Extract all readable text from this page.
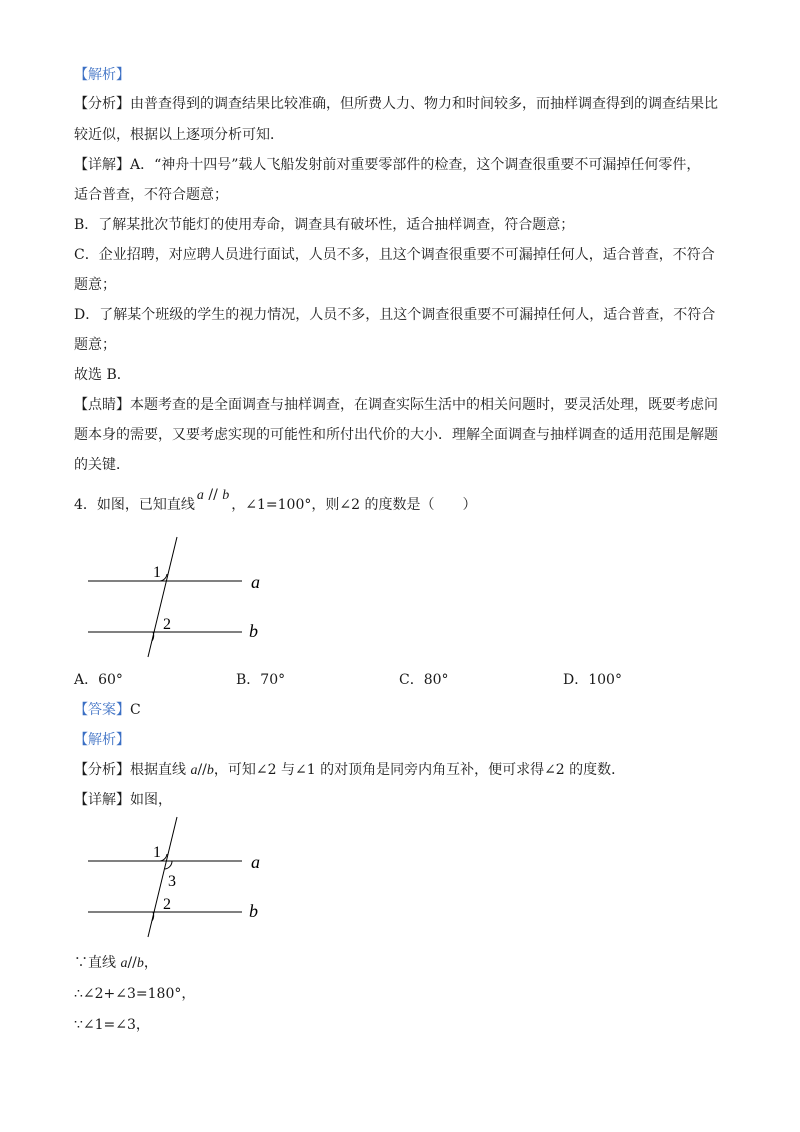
【解析】
【分析】由普查得到的调查结果比较准确，但所费人力、物力和时间较多，而抽样调查得到的调查结果比
较近似，根据以上逐项分析可知．
【详解】A．“神舟十四号”载人飞船发射前对重要零部件的检查，这个调查很重要不可漏掉任何零件，
适合普查，不符合题意；
B．了解某批次节能灯的使用寿命，调查具有破坏性，适合抽样调查，符合题意；
C．企业招聘，对应聘人员进行面试，人员不多，且这个调查很重要不可漏掉任何人，适合普查，不符合
题意；
D．了解某个班级的学生的视力情况，人员不多，且这个调查很重要不可漏掉任何人，适合普查，不符合
题意；
故选 B．
【点睛】本题考查的是全面调查与抽样调查，在调查实际生活中的相关问题时，要灵活处理，既要考虑问
题本身的需要，又要考虑实现的可能性和所付出代价的大小．理解全面调查与抽样调查的适用范围是解题
的关键．
4．如图，已知直线a // b，∠1=100°，则∠2 的度数是（　　）
1
2
a
b
A．60°	B．70°	C．80°	D．100°
【答案】C
【解析】
【分析】根据直线 a//b，可知∠2 与∠1 的对顶角是同旁内角互补，便可求得∠2 的度数．
【详解】如图，
1
3
2
a
b
∵直线 a//b，
∴∠2+∠3=180°，
∵∠1=∠3，
